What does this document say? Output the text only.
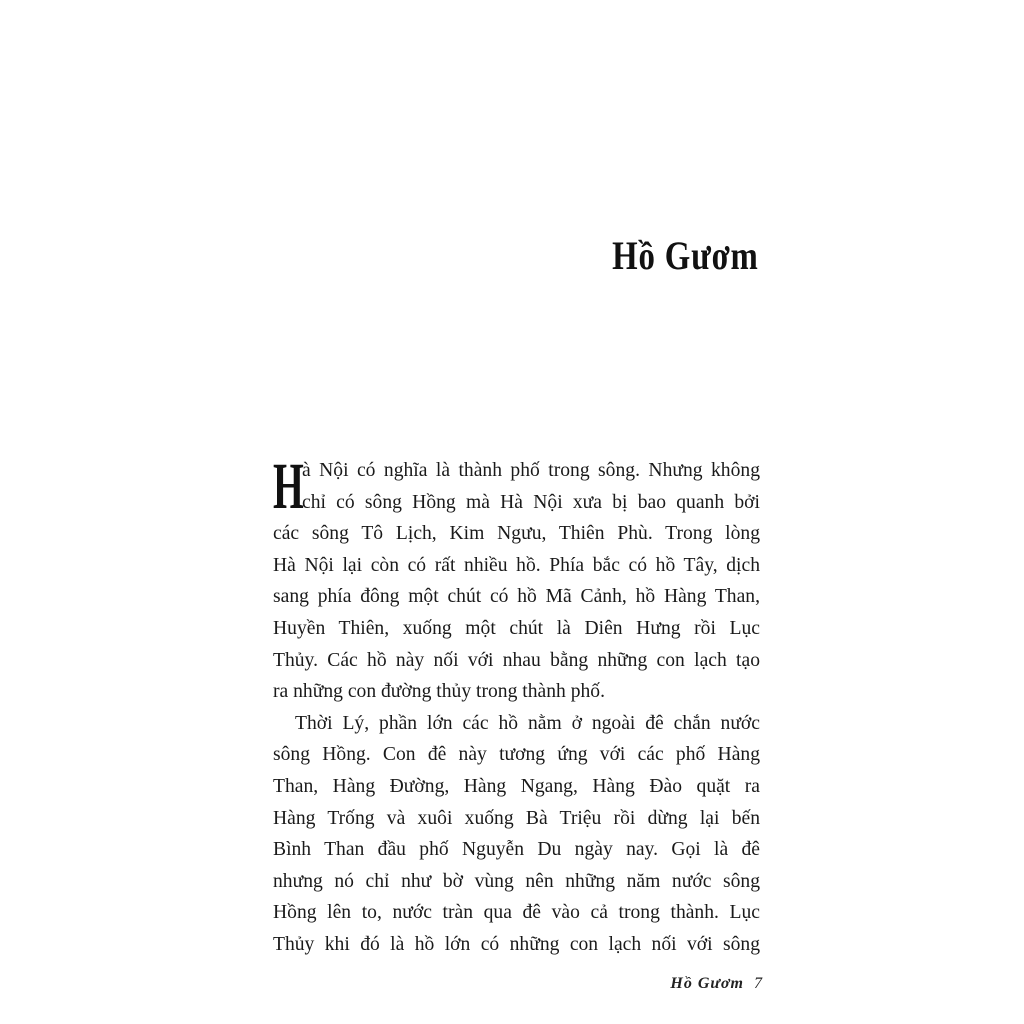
Hồ Gươm
H
à Nội có nghĩa là thành phố trong sông. Nhưng không
chỉ có sông Hồng mà Hà Nội xưa bị bao quanh bởi
các sông Tô Lịch, Kim Ngưu, Thiên Phù. Trong lòng
Hà Nội lại còn có rất nhiều hồ. Phía bắc có hồ Tây, dịch
sang phía đông một chút có hồ Mã Cảnh, hồ Hàng Than,
Huyền Thiên, xuống một chút là Diên Hưng rồi Lục
Thủy. Các hồ này nối với nhau bằng những con lạch tạo
ra những con đường thủy trong thành phố.
Thời Lý, phần lớn các hồ nằm ở ngoài đê chắn nước
sông Hồng. Con đê này tương ứng với các phố Hàng
Than, Hàng Đường, Hàng Ngang, Hàng Đào quặt ra
Hàng Trống và xuôi xuống Bà Triệu rồi dừng lại bến
Bình Than đầu phố Nguyễn Du ngày nay. Gọi là đê
nhưng nó chỉ như bờ vùng nên những năm nước sông
Hồng lên to, nước tràn qua đê vào cả trong thành. Lục
Thủy khi đó là hồ lớn có những con lạch nối với sông
Hồ Gươm 7
